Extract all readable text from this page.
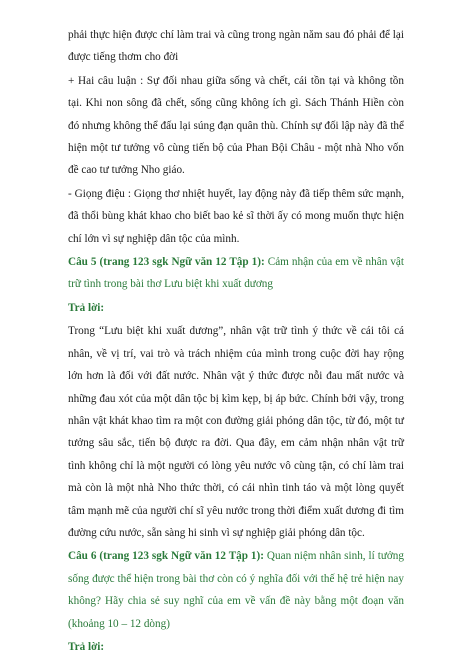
phải thực hiện được chí làm trai và cũng trong ngàn năm sau đó phải để lại được tiếng thơm cho đời

+ Hai câu luận : Sự đối nhau giữa sống và chết, cái tồn tại và không tồn tại. Khi non sông đã chết, sống cũng không ích gì. Sách Thánh Hiền còn đó nhưng không thể đấu lại súng đạn quân thù. Chính sự đối lập này đã thể hiện một tư tưởng vô cùng tiến bộ của Phan Bội Châu - một nhà Nho vốn đề cao tư tưởng Nho giáo.

- Giọng điệu : Giọng thơ nhiệt huyết, lay động này đã tiếp thêm sức mạnh, đã thổi bùng khát khao cho biết bao kẻ sĩ thời ấy có mong muốn thực hiện chí lớn vì sự nghiệp dân tộc của mình.

Câu 5 (trang 123 sgk Ngữ văn 12 Tập 1): Cảm nhận của em về nhân vật trữ tình trong bài thơ Lưu biệt khi xuất dương

Trả lời:

Trong “Lưu biệt khi xuất dương”, nhân vật trữ tình ý thức về cái tôi cá nhân, về vị trí, vai trò và trách nhiệm của mình trong cuộc đời hay rộng lớn hơn là đối với đất nước. Nhân vật ý thức được nỗi đau mất nước và những đau xót của một dân tộc bị kìm kẹp, bị áp bức. Chính bởi vậy, trong nhân vật khát khao tìm ra một con đường giải phóng dân tộc, từ đó, một tư tưởng sâu sắc, tiến bộ được ra đời. Qua đây, em cảm nhận nhân vật trữ tình không chỉ là một người có lòng yêu nước vô cùng tận, có chí làm trai mà còn là một nhà Nho thức thời, có cái nhìn tinh táo và một lòng quyết tâm mạnh mẽ của người chí sĩ yêu nước trong thời điểm xuất dương đi tìm đường cứu nước, sẵn sàng hi sinh vì sự nghiệp giải phóng dân tộc.

Câu 6 (trang 123 sgk Ngữ văn 12 Tập 1): Quan niệm nhân sinh, lí tưởng sống được thể hiện trong bài thơ còn có ý nghĩa đối với thế hệ trẻ hiện nay không? Hãy chia sẻ suy nghĩ của em về vấn đề này bằng một đoạn văn (khoảng 10 – 12 dòng)

Trả lời:
